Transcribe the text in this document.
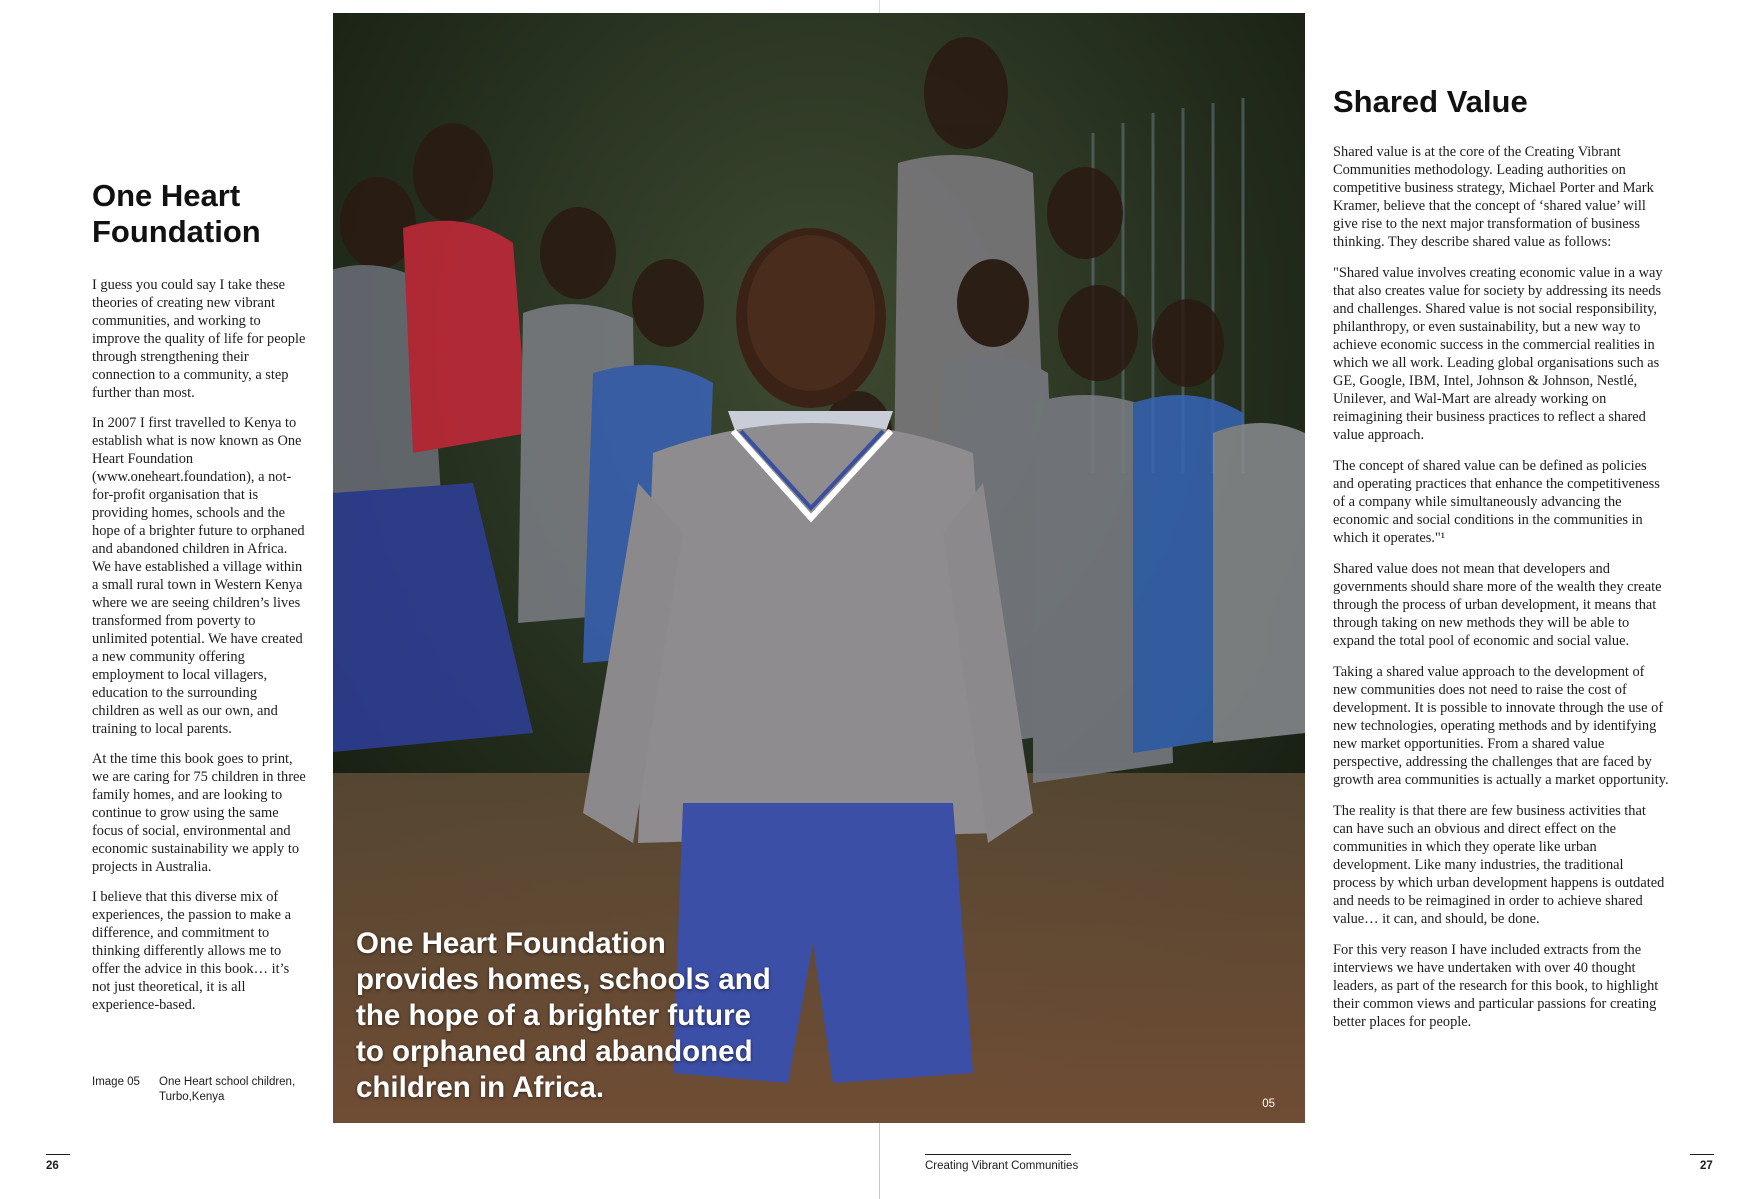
One Heart
Foundation

I guess you could say I take these theories of creating new vibrant communities, and working to improve the quality of life for people through strengthening their connection to a community, a step further than most.

In 2007 I first travelled to Kenya to establish what is now known as One Heart Foundation (www.oneheart.foundation), a not-for-profit organisation that is providing homes, schools and the hope of a brighter future to orphaned and abandoned children in Africa. We have established a village within a small rural town in Western Kenya where we are seeing children’s lives transformed from poverty to unlimited potential. We have created a new community offering employment to local villagers, education to the surrounding children as well as our own, and training to local parents.

At the time this book goes to print, we are caring for 75 children in three family homes, and are looking to continue to grow using the same focus of social, environmental and economic sustainability we apply to projects in Australia.

I believe that this diverse mix of experiences, the passion to make a difference, and commitment to thinking differently allows me to offer the advice in this book… it’s not just theoretical, it is all experience-based.

Image 05 One Heart school children,
Turbo,Kenya
One Heart Foundation
provides homes, schools and
the hope of a brighter future
to orphaned and abandoned
children in Africa.	05
Shared Value

Shared value is at the core of the Creating Vibrant Communities methodology. Leading authorities on competitive business strategy, Michael Porter and Mark Kramer, believe that the concept of ‘shared value’ will give rise to the next major transformation of business thinking. They describe shared value as follows:

"Shared value involves creating economic value in a way that also creates value for society by addressing its needs and challenges. Shared value is not social responsibility, philanthropy, or even sustainability, but a new way to achieve economic success in the commercial realities in which we all work. Leading global organisations such as GE, Google, IBM, Intel, Johnson & Johnson, Nestlé, Unilever, and Wal-Mart are already working on reimagining their business practices to reflect a shared value approach.

The concept of shared value can be defined as policies and operating practices that enhance the competitiveness of a company while simultaneously advancing the economic and social conditions in the communities in which it operates."¹

Shared value does not mean that developers and governments should share more of the wealth they create through the process of urban development, it means that through taking on new methods they will be able to expand the total pool of economic and social value.

Taking a shared value approach to the development of new communities does not need to raise the cost of development. It is possible to innovate through the use of new technologies, operating methods and by identifying new market opportunities. From a shared value perspective, addressing the challenges that are faced by growth area communities is actually a market opportunity.

The reality is that there are few business activities that can have such an obvious and direct effect on the communities in which they operate like urban development. Like many industries, the traditional process by which urban development happens is outdated and needs to be reimagined in order to achieve shared value… it can, and should, be done.

For this very reason I have included extracts from the interviews we have undertaken with over 40 thought leaders, as part of the research for this book, to highlight their common views and particular passions for creating better places for people.

26	Creating Vibrant Communities	27
